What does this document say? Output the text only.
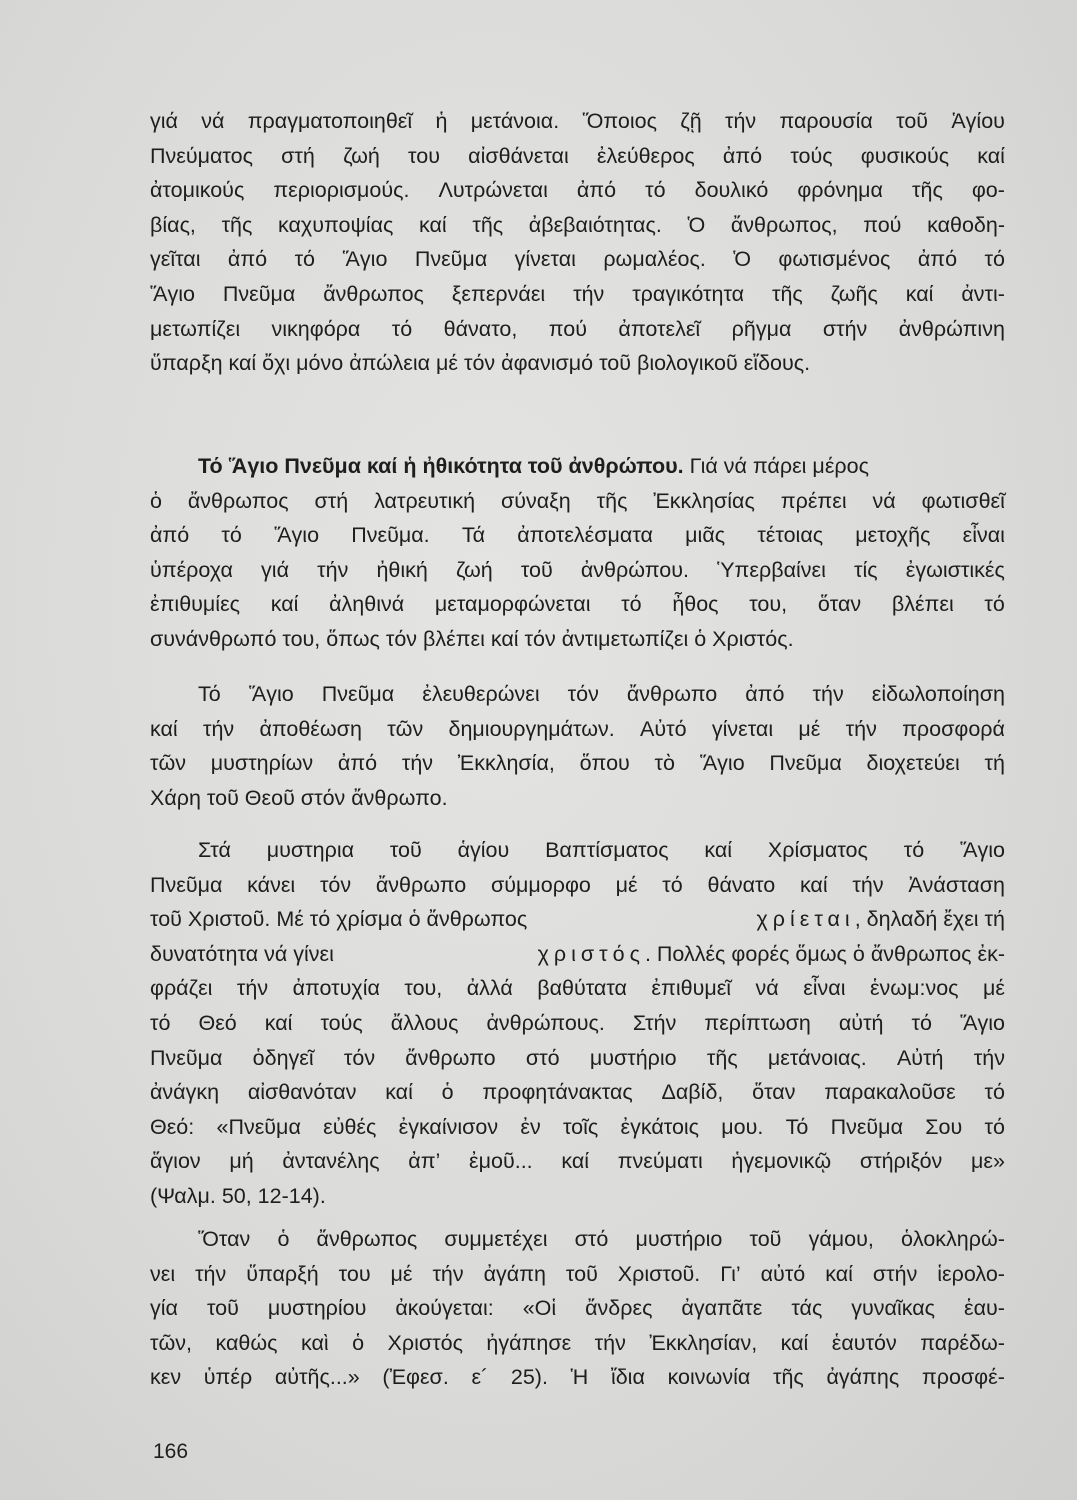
γιά νά πραγματοποιηθεῖ ἡ μετάνοια. Ὅποιος ζῇ τήν παρουσία τοῦ Ἁγίου
Πνεύματος στή ζωή του αἰσθάνεται ἐλεύθερος ἀπό τούς φυσικούς καί
ἀτομικούς περιορισμούς. Λυτρώνεται ἀπό τό δουλικό φρόνημα τῆς φο-
βίας, τῆς καχυποψίας καί τῆς ἀβεβαιότητας. Ὁ ἄνθρωπος, πού καθοδη-
γεῖται ἀπό τό Ἅγιο Πνεῦμα γίνεται ρωμαλέος. Ὁ φωτισμένος ἀπό τό
Ἅγιο Πνεῦμα ἄνθρωπος ξεπερνάει τήν τραγικότητα τῆς ζωῆς καί ἀντι-
μετωπίζει νικηφόρα τό θάνατο, πού ἀποτελεῖ ρῆγμα στήν ἀνθρώπινη
ὕπαρξη καί ὄχι μόνο ἀπώλεια μέ τόν ἀφανισμό τοῦ βιολογικοῦ εἴδους.
Τό Ἅγιο Πνεῦμα καί ἡ ἠθικότητα τοῦ ἀνθρώπου.
Γιά νά πάρει μέρος
ὁ ἄνθρωπος στή λατρευτική σύναξη τῆς Ἐκκλησίας πρέπει νά φωτισθεῖ
ἀπό τό Ἅγιο Πνεῦμα. Τά ἀποτελέσματα μιᾶς τέτοιας μετοχῆς εἶναι
ὑπέροχα γιά τήν ἠθική ζωή τοῦ ἀνθρώπου. Ὑπερβαίνει τίς ἐγωιστικές
ἐπιθυμίες καί ἀληθινά μεταμορφώνεται τό ἦθος του, ὅταν βλέπει τό
συνάνθρωπό του, ὅπως τόν βλέπει καί τόν ἀντιμετωπίζει ὁ Χριστός.
Τό Ἅγιο Πνεῦμα ἐλευθερώνει τόν ἄνθρωπο ἀπό τήν εἰδωλοποίηση
καί τήν ἀποθέωση τῶν δημιουργημάτων. Αὐτό γίνεται μέ τήν προσφορά
τῶν μυστηρίων ἀπό τήν Ἐκκλησία, ὅπου τὸ Ἅγιο Πνεῦμα διοχετεύει τή
Χάρη τοῦ Θεοῦ στόν ἄνθρωπο.
Στά μυστηρια τοῦ ἁγίου Βαπτίσματος καί Χρίσματος τό Ἅγιο
Πνεῦμα κάνει τόν ἄνθρωπο σύμμορφο μέ τό θάνατο καί τήν Ἀνάσταση
τοῦ Χριστοῦ. Μέ τό χρίσμα ὁ ἄνθρωπος	χρίεται, δηλαδή ἔχει τή
δυνατότητα νά γίνει	χριστός. Πολλές φορές ὅμως ὁ ἄνθρωπος ἐκ-
φράζει τήν ἀποτυχία του, ἀλλά βαθύτατα ἐπιθυμεῖ νά εἶναι ἑνωμ:νος μέ
τό Θεό καί τούς ἄλλους ἀνθρώπους. Στήν περίπτωση αὐτή τό Ἅγιο
Πνεῦμα ὁδηγεῖ τόν ἄνθρωπο στό μυστήριο τῆς μετάνοιας. Αὐτή τήν
ἀνάγκη αἰσθανόταν καί ὁ προφητάνακτας Δαβίδ, ὅταν παρακαλοῦσε τό
Θεό: «Πνεῦμα εὐθές ἐγκαίνισον ἐν τοῖς ἐγκάτοις μου. Τό Πνεῦμα Σου τό
ἅγιον μή ἀντανέλης ἀπ’ ἐμοῦ... καί πνεύματι ἡγεμονικῷ στήριξόν με»
(Ψαλμ. 50, 12-14).
Ὅταν ὁ ἄνθρωπος συμμετέχει στό μυστήριο τοῦ γάμου, ὁλοκληρώ-
νει τήν ὕπαρξή του μέ τήν ἀγάπη τοῦ Χριστοῦ. Γι’ αὐτό καί στήν ἱερολο-
γία τοῦ μυστηρίου ἀκούγεται: «Οἱ ἄνδρες ἀγαπᾶτε τάς γυναῖκας ἑαυ-
τῶν, καθώς καὶ ὁ Χριστός ἠγάπησε τήν Ἐκκλησίαν, καί ἑαυτόν παρέδω-
κεν ὑπέρ αὐτῆς...» (Ἐφεσ. ε´ 25). Ἡ ἴδια κοινωνία τῆς ἀγάπης προσφέ-
166
